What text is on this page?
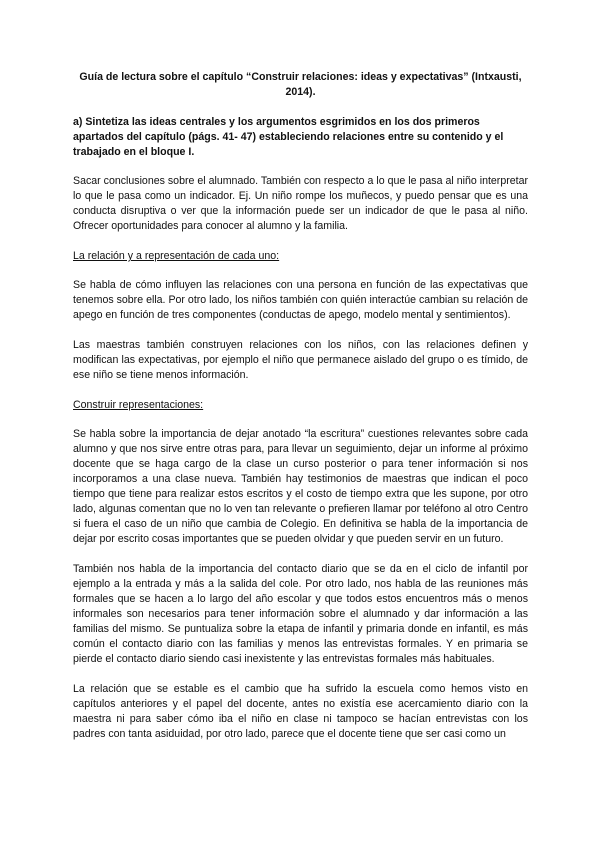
Guía de lectura sobre el capítulo “Construir relaciones: ideas y expectativas” (Intxausti, 2014).
a) Sintetiza las ideas centrales y los argumentos esgrimidos en los dos primeros apartados del capítulo (págs. 41- 47) estableciendo relaciones entre su contenido y el trabajado en el bloque I.

Sacar conclusiones sobre el alumnado. También con respecto a lo que le pasa al niño interpretar lo que le pasa como un indicador. Ej. Un niño rompe los muñecos, y puedo pensar que es una conducta disruptiva o ver que la información puede ser un indicador de que le pasa al niño. Ofrecer oportunidades para conocer al alumno y la familia.

La relación y a representación de cada uno:

Se habla de cómo influyen las relaciones con una persona en función de las expectativas que tenemos sobre ella. Por otro lado, los niños también con quién interactúe cambian su relación de apego en función de tres componentes (conductas de apego, modelo mental y sentimientos).

Las maestras también construyen relaciones con los niños, con las relaciones definen y modifican las expectativas, por ejemplo el niño que permanece aislado del grupo o es tímido, de ese niño se tiene menos información.

Construir representaciones:

Se habla sobre la importancia de dejar anotado “la escritura” cuestiones relevantes sobre cada alumno y que nos sirve entre otras para, para llevar un seguimiento, dejar un informe al próximo docente que se haga cargo de la clase un curso posterior o para tener información si nos incorporamos a una clase nueva. También hay testimonios de maestras que indican el poco tiempo que tiene para realizar estos escritos y el costo de tiempo extra que les supone, por otro lado, algunas comentan que no lo ven tan relevante o prefieren llamar por teléfono al otro Centro si fuera el caso de un niño que cambia de Colegio. En definitiva se habla de la importancia de dejar por escrito cosas importantes que se pueden olvidar y que pueden servir en un futuro.

También nos habla de la importancia del contacto diario que se da en el ciclo de infantil por ejemplo a la entrada y más a la salida del cole. Por otro lado, nos habla de las reuniones más formales que se hacen a lo largo del año escolar y que todos estos encuentros más o menos informales son necesarios para tener información sobre el alumnado y dar información a las familias del mismo. Se puntualiza sobre la etapa de infantil y primaria donde en infantil, es más común el contacto diario con las familias y menos las entrevistas formales. Y en primaria se pierde el contacto diario siendo casi inexistente y las entrevistas formales más habituales.

La relación que se estable es el cambio que ha sufrido la escuela como hemos visto en capítulos anteriores y el papel del docente, antes no existía ese acercamiento diario con la maestra ni para saber cómo iba el niño en clase ni tampoco se hacían entrevistas con los padres con tanta asiduidad, por otro lado, parece que el docente tiene que ser casi como un
